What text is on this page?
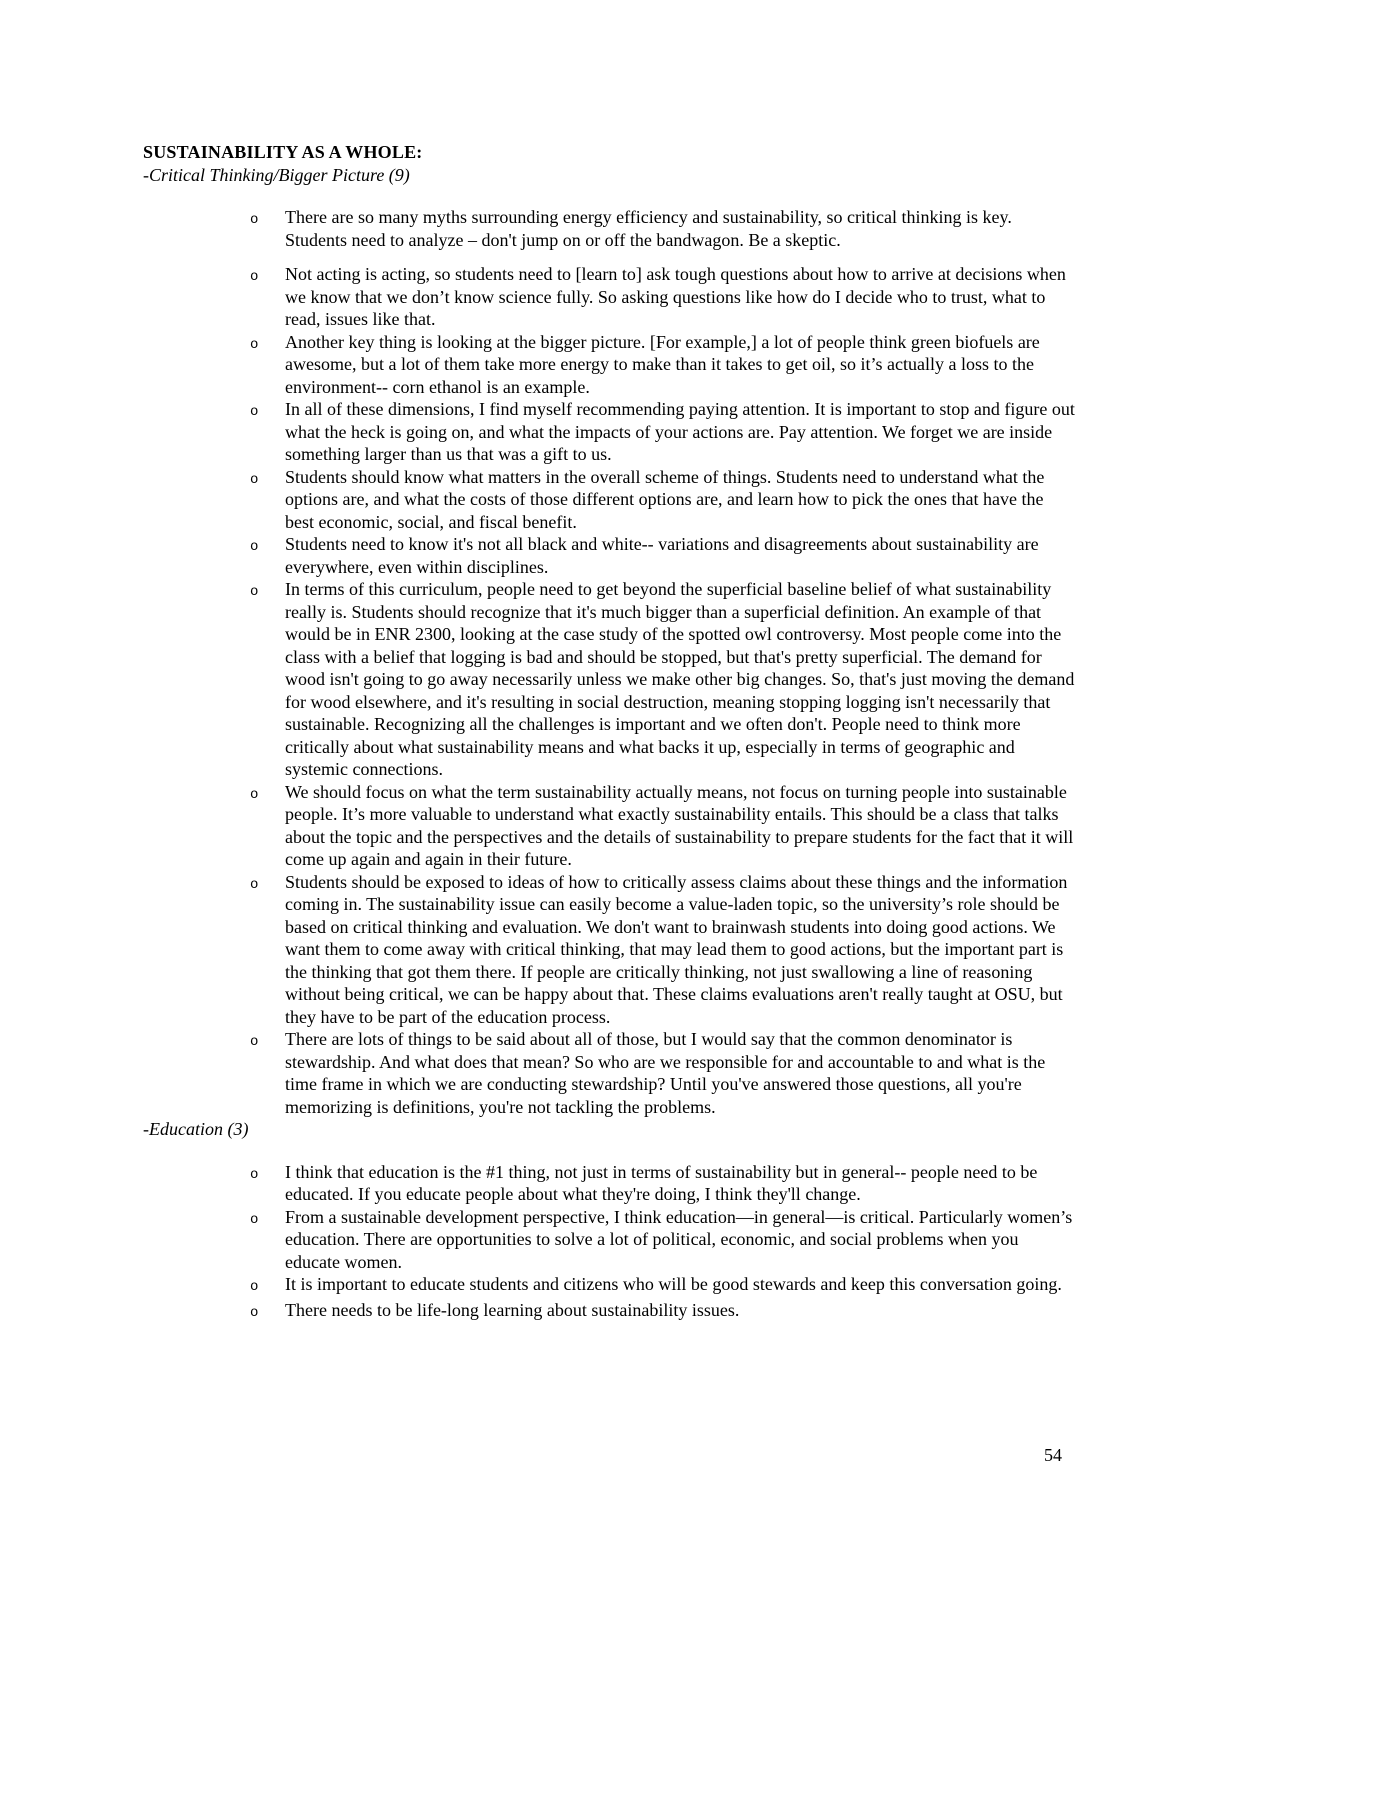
SUSTAINABILITY AS A WHOLE:
-Critical Thinking/Bigger Picture (9)
o	There are so many myths surrounding energy efficiency and sustainability, so critical thinking is key. Students need to analyze – don't jump on or off the bandwagon. Be a skeptic.
o	Not acting is acting, so students need to [learn to] ask tough questions about how to arrive at decisions when we know that we don’t know science fully. So asking questions like how do I decide who to trust, what to read, issues like that.
o	Another key thing is looking at the bigger picture. [For example,] a lot of people think green biofuels are awesome, but a lot of them take more energy to make than it takes to get oil, so it’s actually a loss to the environment-- corn ethanol is an example.
o	In all of these dimensions, I find myself recommending paying attention. It is important to stop and figure out what the heck is going on, and what the impacts of your actions are. Pay attention. We forget we are inside something larger than us that was a gift to us.
o	Students should know what matters in the overall scheme of things. Students need to understand what the options are, and what the costs of those different options are, and learn how to pick the ones that have the best economic, social, and fiscal benefit.
o	Students need to know it's not all black and white-- variations and disagreements about sustainability are everywhere, even within disciplines.
o	In terms of this curriculum, people need to get beyond the superficial baseline belief of what sustainability really is. Students should recognize that it's much bigger than a superficial definition. An example of that would be in ENR 2300, looking at the case study of the spotted owl controversy. Most people come into the class with a belief that logging is bad and should be stopped, but that's pretty superficial. The demand for wood isn't going to go away necessarily unless we make other big changes. So, that's just moving the demand for wood elsewhere, and it's resulting in social destruction, meaning stopping logging isn't necessarily that sustainable. Recognizing all the challenges is important and we often don't. People need to think more critically about what sustainability means and what backs it up, especially in terms of geographic and systemic connections.
o	We should focus on what the term sustainability actually means, not focus on turning people into sustainable people. It’s more valuable to understand what exactly sustainability entails. This should be a class that talks about the topic and the perspectives and the details of sustainability to prepare students for the fact that it will come up again and again in their future.
o	Students should be exposed to ideas of how to critically assess claims about these things and the information coming in. The sustainability issue can easily become a value-laden topic, so the university’s role should be based on critical thinking and evaluation. We don't want to brainwash students into doing good actions. We want them to come away with critical thinking, that may lead them to good actions, but the important part is the thinking that got them there. If people are critically thinking, not just swallowing a line of reasoning without being critical, we can be happy about that. These claims evaluations aren't really taught at OSU, but they have to be part of the education process.
o	There are lots of things to be said about all of those, but I would say that the common denominator is stewardship. And what does that mean? So who are we responsible for and accountable to and what is the time frame in which we are conducting stewardship? Until you've answered those questions, all you're memorizing is definitions, you're not tackling the problems.
-Education (3)
o	I think that education is the #1 thing, not just in terms of sustainability but in general-- people need to be educated. If you educate people about what they're doing, I think they'll change.
o	From a sustainable development perspective, I think education—in general—is critical. Particularly women’s education. There are opportunities to solve a lot of political, economic, and social problems when you educate women.
o	It is important to educate students and citizens who will be good stewards and keep this conversation going.
o	There needs to be life-long learning about sustainability issues.
54
